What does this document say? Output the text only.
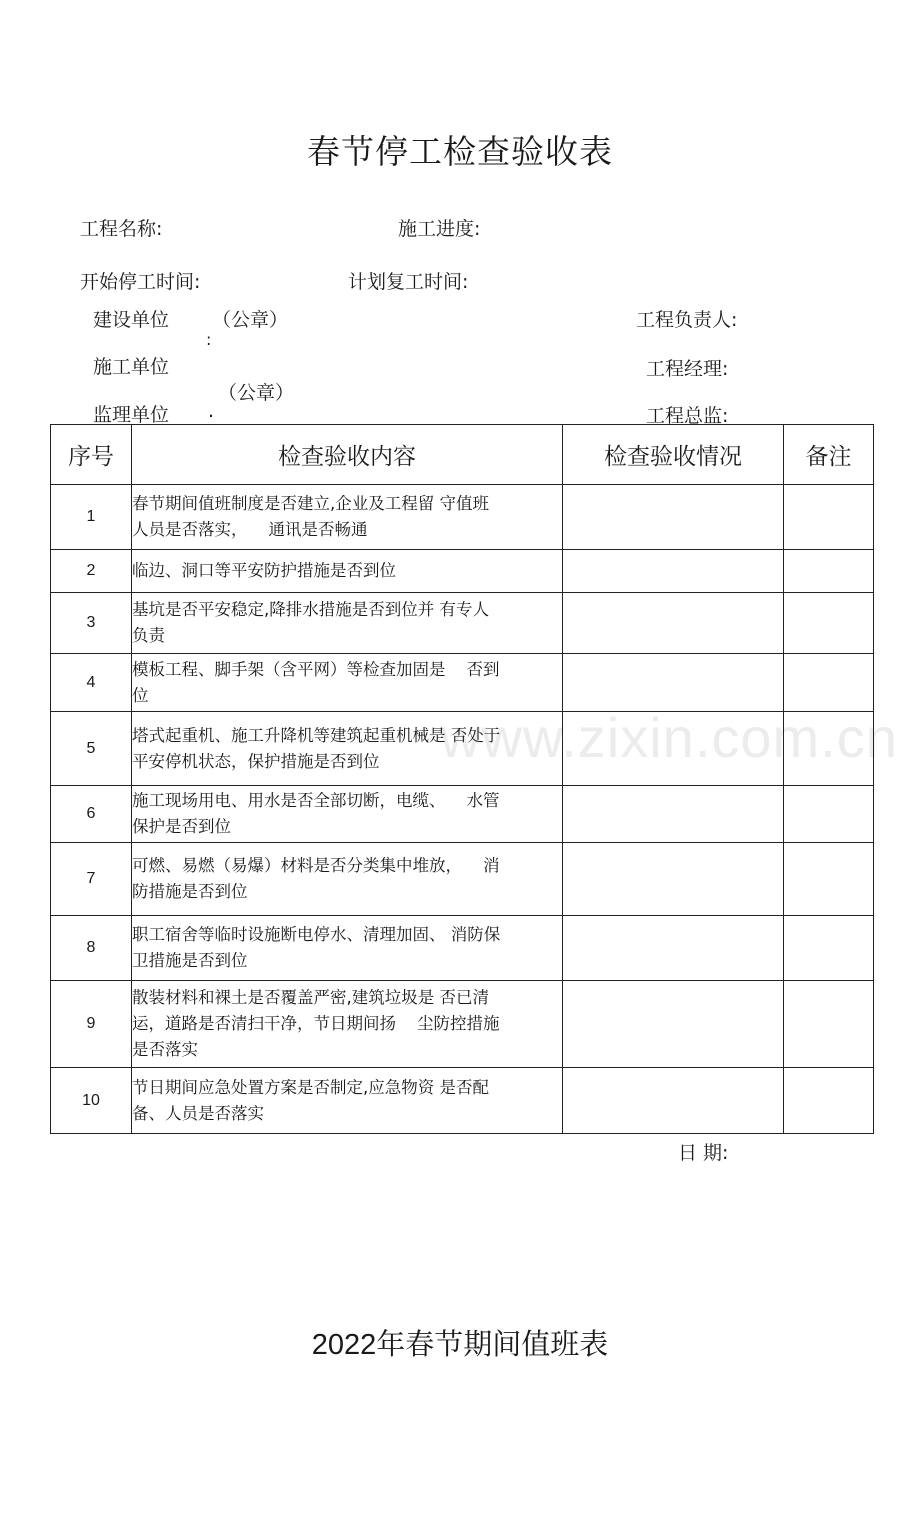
春节停工检查验收表
工程名称:	施工进度:
开始停工时间:	计划复工时间:
建设单位 （公章）
:
工程负责人:
施工单位
（公章）
工程经理:
监理单位 .	工程总监:
www.zixin.com.cn
序号	检查验收内容	检查验收情况	备注
1	春节期间值班制度是否建立,企业及工程留 守值班
人员是否落实，    通讯是否畅通		

2	临边、洞口等平安防护措施是否到位		

3	基坑是否平安稳定,降排水措施是否到位并 有专人
负责		

4	模板工程、脚手架（含平网）等检查加固是    否到
位		

5	塔式起重机、施工升降机等建筑起重机械是 否处于
平安停机状态，保护措施是否到位		

6	施工现场用电、用水是否全部切断，电缆、    水管
保护是否到位		

7	可燃、易燃（易爆）材料是否分类集中堆放，    消
防措施是否到位		

8	职工宿舍等临时设施断电停水、清理加固、 消防保
卫措施是否到位		

9	散装材料和裸土是否覆盖严密,建筑垃圾是 否已清
运，道路是否清扫干净，节日期间扬    尘防控措施
是否落实		

10	节日期间应急处置方案是否制定,应急物资 是否配
备、人员是否落实		

日 期:
2022年春节期间值班表
